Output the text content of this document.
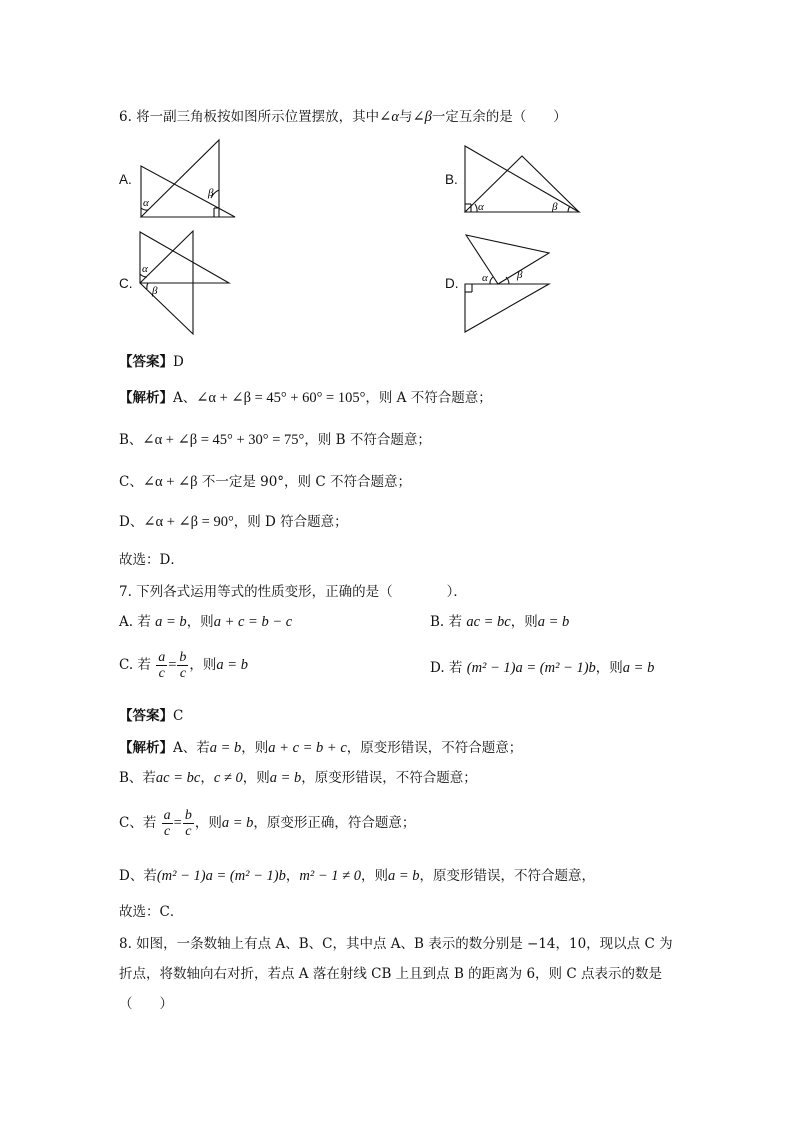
6. 将一副三角板按如图所示位置摆放，其中∠α与∠β一定互余的是（　　）
A.
α
β
B.
α	β
C.
α
β	D. α	β
【答案】D
【解析】A、∠α + ∠β = 45° + 60° = 105°，则 A 不符合题意；
B、∠α + ∠β = 45° + 30° = 75°，则 B 不符合题意；
C、∠α + ∠β 不一定是 90°，则 C 不符合题意；
D、∠α + ∠β = 90°，则 D 符合题意；
故选：D．
7. 下列各式运用等式的性质变形，正确的是（　　　　）．
A. 若 a = b，则a + c = b − c	B. 若 ac = bc，则a = b
C. 若 $\frac{a}{c} = \frac{b}{c}$ ，则a = b	D. 若 (m² − 1)a = (m² − 1)b，则a = b
【答案】C
【解析】A、若a = b，则a + c = b + c，原变形错误，不符合题意；
B、若ac = bc，c ≠ 0，则a = b，原变形错误，不符合题意；
C、若 $\frac{a}{c} = \frac{b}{c}$ ，则a = b，原变形正确，符合题意；
D、若(m² − 1)a = (m² − 1)b，m² − 1 ≠ 0，则a = b，原变形错误，不符合题意，
故选：C．
8. 如图，一条数轴上有点 A、B、C，其中点 A、B 表示的数分别是 −14，10，现以点 C 为
折点，将数轴向右对折，若点 A 落在射线 CB 上且到点 B 的距离为 6，则 C 点表示的数是
（　　）
